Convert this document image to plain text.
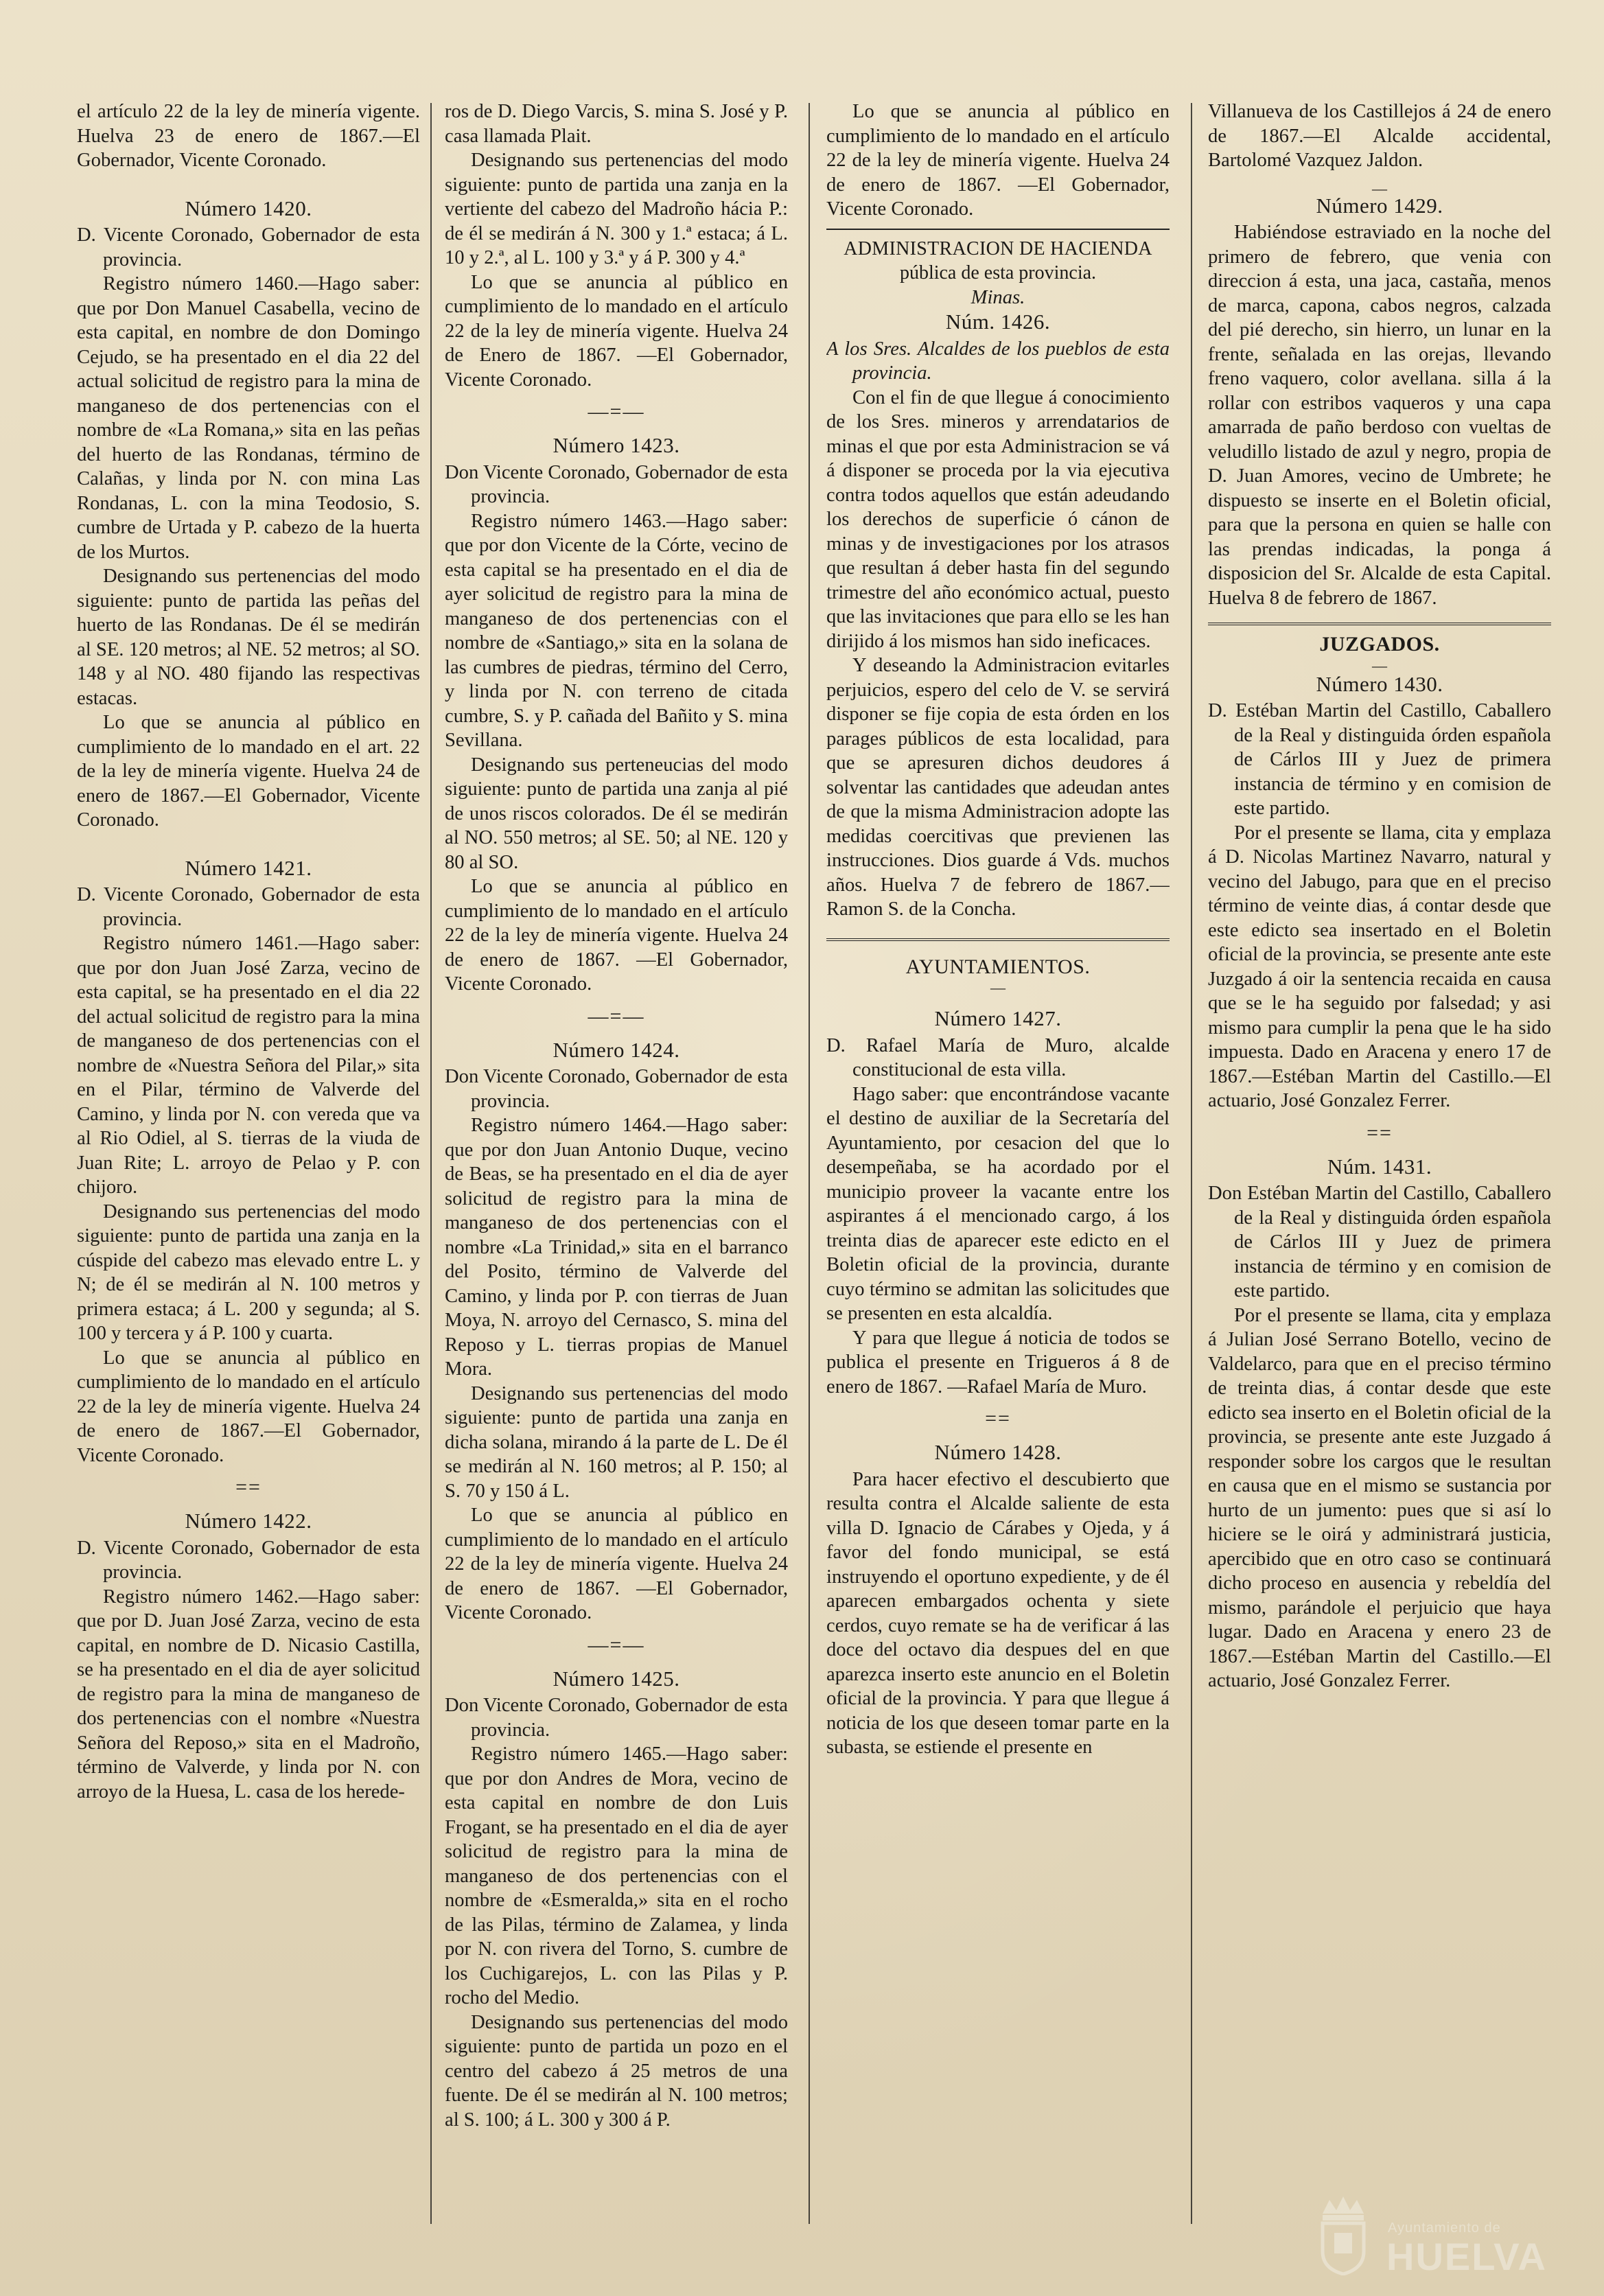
el artículo 22 de la ley de minería vigente. Huelva 23 de enero de 1867.—El Gobernador, Vicente Coronado.

Número 1420.

D. Vicente Coronado, Gobernador de esta provincia.

Registro número 1460.—Hago saber: que por Don Manuel Casabella, vecino de esta capital, en nombre de don Domingo Cejudo, se ha presentado en el dia 22 del actual solicitud de registro para la mina de manganeso de dos pertenencias con el nombre de «La Romana,» sita en las peñas del huerto de las Rondanas, término de Calañas, y linda por N. con mina Las Rondanas, L. con la mina Teodosio, S. cumbre de Urtada y P. cabezo de la huerta de los Murtos.

Designando sus pertenencias del modo siguiente: punto de partida las peñas del huerto de las Rondanas. De él se medirán al SE. 120 metros; al NE. 52 metros; al SO. 148 y al NO. 480 fijando las respectivas estacas.

Lo que se anuncia al público en cumplimiento de lo mandado en el art. 22 de la ley de minería vigente. Huelva 24 de enero de 1867.—El Gobernador, Vicente Coronado.

Número 1421.

D. Vicente Coronado, Gobernador de esta provincia.

Registro número 1461.—Hago saber: que por don Juan José Zarza, vecino de esta capital, se ha presentado en el dia 22 del actual solicitud de registro para la mina de manganeso de dos pertenencias con el nombre de «Nuestra Señora del Pilar,» sita en el Pilar, término de Valverde del Camino, y linda por N. con vereda que va al Rio Odiel, al S. tierras de la viuda de Juan Rite; L. arroyo de Pelao y P. con chijoro.

Designando sus pertenencias del modo siguiente: punto de partida una zanja en la cúspide del cabezo mas elevado entre L. y N; de él se medirán al N. 100 metros y primera estaca; á L. 200 y segunda; al S. 100 y tercera y á P. 100 y cuarta.

Lo que se anuncia al público en cumplimiento de lo mandado en el artículo 22 de la ley de minería vigente. Huelva 24 de enero de 1867.—El Gobernador, Vicente Coronado.

==
Número 1422.

D. Vicente Coronado, Gobernador de esta provincia.

Registro número 1462.—Hago saber: que por D. Juan José Zarza, vecino de esta capital, en nombre de D. Nicasio Castilla, se ha presentado en el dia de ayer solicitud de registro para la mina de manganeso de dos pertenencias con el nombre «Nuestra Señora del Reposo,» sita en el Madroño, término de Valverde, y linda por N. con arroyo de la Huesa, L. casa de los herede-

ros de D. Diego Varcis, S. mina S. José y P. casa llamada Plait.

Designando sus pertenencias del modo siguiente: punto de partida una zanja en la vertiente del cabezo del Madroño hácia P.: de él se medirán á N. 300 y 1.ª estaca; á L. 10 y 2.ª, al L. 100 y 3.ª y á P. 300 y 4.ª

Lo que se anuncia al público en cumplimiento de lo mandado en el artículo 22 de la ley de minería vigente. Huelva 24 de Enero de 1867. —El Gobernador, Vicente Coronado.

—=—
Número 1423.

Don Vicente Coronado, Gobernador de esta provincia.

Registro número 1463.—Hago saber: que por don Vicente de la Córte, vecino de esta capital se ha presentado en el dia de ayer solicitud de registro para la mina de manganeso de dos pertenencias con el nombre de «Santiago,» sita en la solana de las cumbres de piedras, término del Cerro, y linda por N. con terreno de citada cumbre, S. y P. cañada del Bañito y S. mina Sevillana.

Designando sus perteneucias del modo siguiente: punto de partida una zanja al pié de unos riscos colorados. De él se medirán al NO. 550 metros; al SE. 50; al NE. 120 y 80 al SO.

Lo que se anuncia al público en cumplimiento de lo mandado en el artículo 22 de la ley de minería vigente. Huelva 24 de enero de 1867. —El Gobernador, Vicente Coronado.

—=—
Número 1424.

Don Vicente Coronado, Gobernador de esta provincia.

Registro número 1464.—Hago saber: que por don Juan Antonio Duque, vecino de Beas, se ha presentado en el dia de ayer solicitud de registro para la mina de manganeso de dos pertenencias con el nombre «La Trinidad,» sita en el barranco del Posito, término de Valverde del Camino, y linda por P. con tierras de Juan Moya, N. arroyo del Cernasco, S. mina del Reposo y L. tierras propias de Manuel Mora.

Designando sus pertenencias del modo siguiente: punto de partida una zanja en dicha solana, mirando á la parte de L. De él se medirán al N. 160 metros; al P. 150; al S. 70 y 150 á L.

Lo que se anuncia al público en cumplimiento de lo mandado en el artículo 22 de la ley de minería vigente. Huelva 24 de enero de 1867. —El Gobernador, Vicente Coronado.

—=—
Número 1425.

Don Vicente Coronado, Gobernador de esta provincia.

Registro número 1465.—Hago saber: que por don Andres de Mora, vecino de esta capital en nombre de don Luis Frogant, se ha presentado en el dia de ayer solicitud de registro para la mina de manganeso de dos pertenencias con el nombre de «Esmeralda,» sita en el rocho de las Pilas, término de Zalamea, y linda por N. con rivera del Torno, S. cumbre de los Cuchigarejos, L. con las Pilas y P. rocho del Medio.

Designando sus pertenencias del modo siguiente: punto de partida un pozo en el centro del cabezo á 25 metros de una fuente. De él se medirán al N. 100 metros; al S. 100; á L. 300 y 300 á P.

Lo que se anuncia al público en cumplimiento de lo mandado en el artículo 22 de la ley de minería vigente. Huelva 24 de enero de 1867. —El Gobernador, Vicente Coronado.

ADMINISTRACION DE HACIENDA
pública de esta provincia.
Minas.
Núm. 1426.

A los Sres. Alcaldes de los pueblos de esta provincia.

Con el fin de que llegue á conocimiento de los Sres. mineros y arrendatarios de minas el que por esta Administracion se vá á disponer se proceda por la via ejecutiva contra todos aquellos que están adeudando los derechos de superficie ó cánon de minas y de investigaciones por los atrasos que resultan á deber hasta fin del segundo trimestre del año económico actual, puesto que las invitaciones que para ello se les han dirijido á los mismos han sido ineficaces.

Y deseando la Administracion evitarles perjuicios, espero del celo de V. se servirá disponer se fije copia de esta órden en los parages públicos de esta localidad, para que se apresuren dichos deudores á solventar las cantidades que adeudan antes de que la misma Administracion adopte las medidas coercitivas que previenen las instrucciones. Dios guarde á Vds. muchos años. Huelva 7 de febrero de 1867.—Ramon S. de la Concha.

AYUNTAMIENTOS.
—
Número 1427.

D. Rafael María de Muro, alcalde constitucional de esta villa.

Hago saber: que encontrándose vacante el destino de auxiliar de la Secretaría del Ayuntamiento, por cesacion del que lo desempeñaba, se ha acordado por el municipio proveer la vacante entre los aspirantes á el mencionado cargo, á los treinta dias de aparecer este edicto en el Boletin oficial de la provincia, durante cuyo término se admitan las solicitudes que se presenten en esta alcaldía.

Y para que llegue á noticia de todos se publica el presente en Trigueros á 8 de enero de 1867. —Rafael María de Muro.

==
Número 1428.

Para hacer efectivo el descubierto que resulta contra el Alcalde saliente de esta villa D. Ignacio de Cárabes y Ojeda, y á favor del fondo municipal, se está instruyendo el oportuno expediente, y de él aparecen embargados ochenta y siete cerdos, cuyo remate se ha de verificar á las doce del octavo dia despues del en que aparezca inserto este anuncio en el Boletin oficial de la provincia. Y para que llegue á noticia de los que deseen tomar parte en la subasta, se estiende el presente en

Villanueva de los Castillejos á 24 de enero de 1867.—El Alcalde accidental, Bartolomé Vazquez Jaldon.

—
Número 1429.

Habiéndose estraviado en la noche del primero de febrero, que venia con direccion á esta, una jaca, castaña, menos de marca, capona, cabos negros, calzada del pié derecho, sin hierro, un lunar en la frente, señalada en las orejas, llevando freno vaquero, color avellana. silla á la rollar con estribos vaqueros y una capa amarrada de paño berdoso con vueltas de veludillo listado de azul y negro, propia de D. Juan Amores, vecino de Umbrete; he dispuesto se inserte en el Boletin oficial, para que la persona en quien se halle con las prendas indicadas, la ponga á disposicion del Sr. Alcalde de esta Capital. Huelva 8 de febrero de 1867.

JUZGADOS.
—
Número 1430.

D. Estéban Martin del Castillo, Caballero de la Real y distinguida órden española de Cárlos III y Juez de primera instancia de término y en comision de este partido.

Por el presente se llama, cita y emplaza á D. Nicolas Martinez Navarro, natural y vecino del Jabugo, para que en el preciso término de veinte dias, á contar desde que este edicto sea insertado en el Boletin oficial de la provincia, se presente ante este Juzgado á oir la sentencia recaida en causa que se le ha seguido por falsedad; y asi mismo para cumplir la pena que le ha sido impuesta. Dado en Aracena y enero 17 de 1867.—Estéban Martin del Castillo.—El actuario, José Gonzalez Ferrer.

==
Núm. 1431.

Don Estéban Martin del Castillo, Caballero de la Real y distinguida órden española de Cárlos III y Juez de primera instancia de término y en comision de este partido.

Por el presente se llama, cita y emplaza á Julian José Serrano Botello, vecino de Valdelarco, para que en el preciso término de treinta dias, á contar desde que este edicto sea inserto en el Boletin oficial de la provincia, se presente ante este Juzgado á responder sobre los cargos que le resultan en causa que en el mismo se sustancia por hurto de un jumento: pues que si así lo hiciere se le oirá y administrará justicia, apercibido que en otro caso se continuará dicho proceso en ausencia y rebeldía del mismo, parándole el perjuicio que haya lugar. Dado en Aracena y enero 23 de 1867.—Estéban Martin del Castillo.—El actuario, José Gonzalez Ferrer.

Ayuntamiento de
HUELVA
